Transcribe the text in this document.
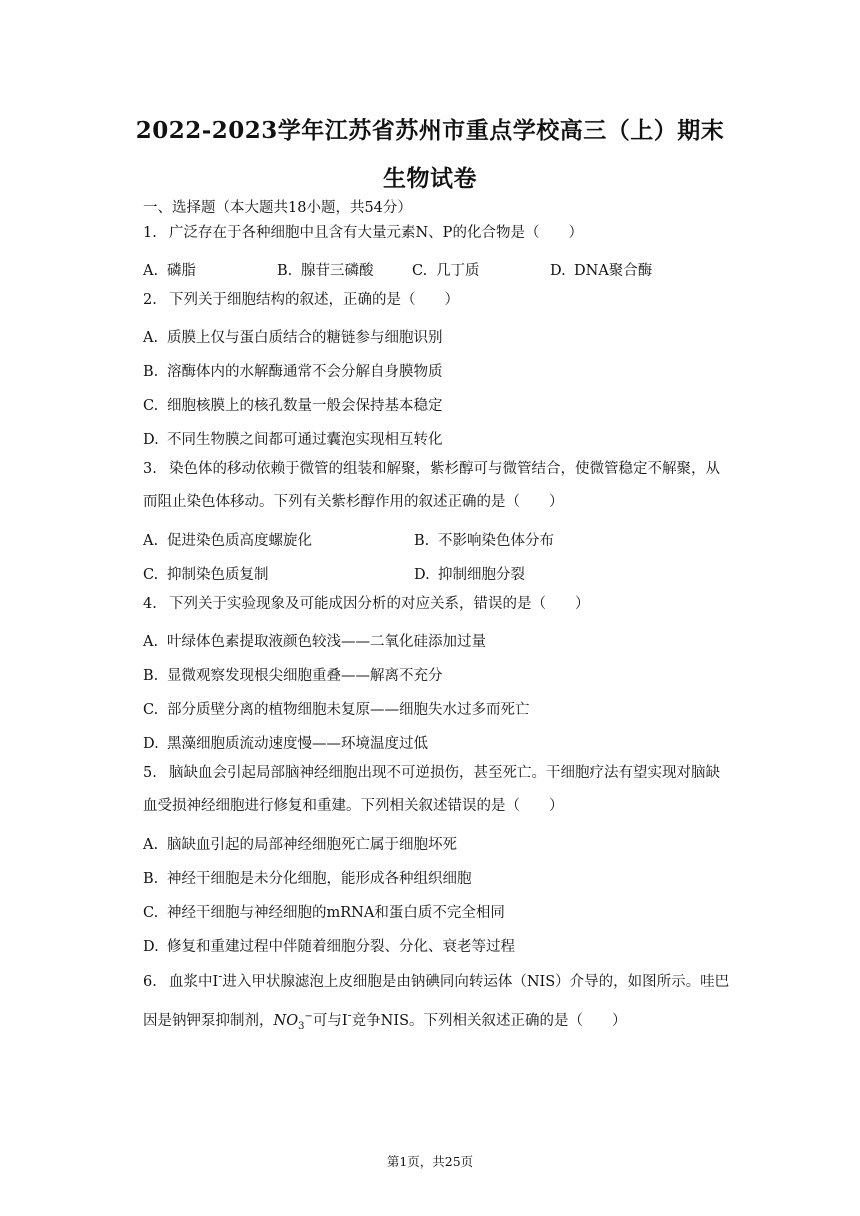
2022-2023学年江苏省苏州市重点学校高三（上）期末
生物试卷
一、选择题（本大题共18小题，共54分）
1. 广泛存在于各种细胞中且含有大量元素N、P的化合物是（　　）
A. 磷脂	B. 腺苷三磷酸	C. 几丁质	D. DNA聚合酶
2. 下列关于细胞结构的叙述，正确的是（　　）
A. 质膜上仅与蛋白质结合的糖链参与细胞识别
B. 溶酶体内的水解酶通常不会分解自身膜物质
C. 细胞核膜上的核孔数量一般会保持基本稳定
D. 不同生物膜之间都可通过囊泡实现相互转化
3. 染色体的移动依赖于微管的组装和解聚，紫杉醇可与微管结合，使微管稳定不解聚，从
而阻止染色体移动。下列有关紫杉醇作用的叙述正确的是（　　）
A. 促进染色质高度螺旋化	B. 不影响染色体分布
C. 抑制染色质复制	D. 抑制细胞分裂
4. 下列关于实验现象及可能成因分析的对应关系，错误的是（　　）
A. 叶绿体色素提取液颜色较浅——二氧化硅添加过量
B. 显微观察发现根尖细胞重叠——解离不充分
C. 部分质壁分离的植物细胞未复原——细胞失水过多而死亡
D. 黑藻细胞质流动速度慢——环境温度过低
5. 脑缺血会引起局部脑神经细胞出现不可逆损伤，甚至死亡。干细胞疗法有望实现对脑缺
血受损神经细胞进行修复和重建。下列相关叙述错误的是（　　）
A. 脑缺血引起的局部神经细胞死亡属于细胞坏死
B. 神经干细胞是未分化细胞，能形成各种组织细胞
C. 神经干细胞与神经细胞的mRNA和蛋白质不完全相同
D. 修复和重建过程中伴随着细胞分裂、分化、衰老等过程
6. 血浆中I-进入甲状腺滤泡上皮细胞是由钠碘同向转运体（NIS）介导的，如图所示。哇巴
因是钠钾泵抑制剂，$NO_3^-$可与I-竞争NIS。下列相关叙述正确的是（　　）
第1页，共25页
